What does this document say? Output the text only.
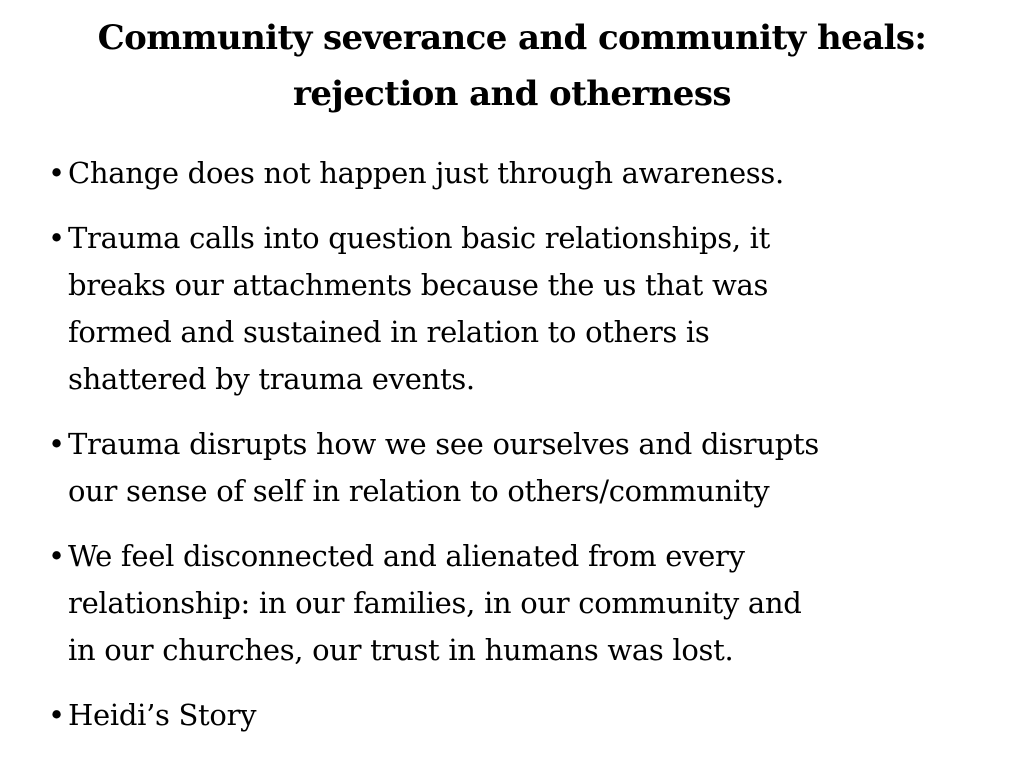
Community severance and community heals:
rejection and otherness
• Change does not happen just through awareness.
• Trauma calls into question basic relationships, it
breaks our attachments because the us that was
formed and sustained in relation to others is
shattered by trauma events.
• Trauma disrupts how we see ourselves and disrupts
our sense of self in relation to others/community
• We feel disconnected and alienated from every
relationship: in our families, in our community and
in our churches, our trust in humans was lost.
• Heidi’s Story
